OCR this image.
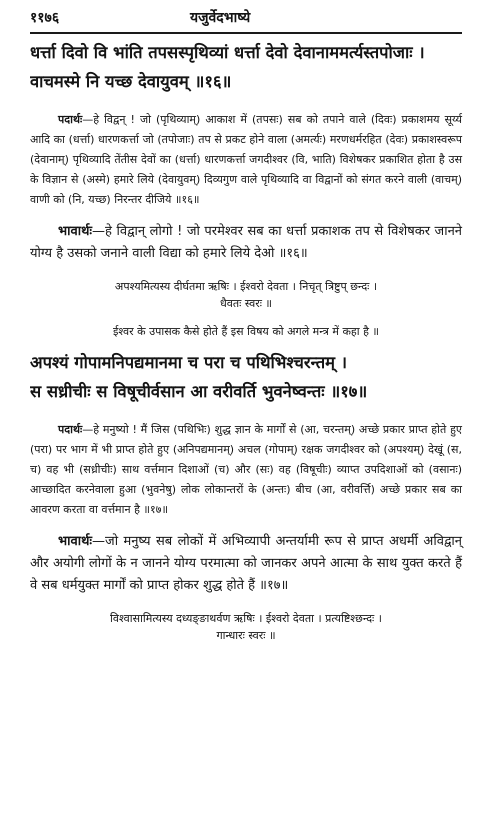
११७६	यजुर्वेदभाष्ये
धर्त्ता दिवो वि भांति तपसस्पृथिव्यां धर्त्ता देवो देवानाममर्त्यस्तपोजाः ।
वाचमस्मे नि यच्छ देवायुवम् ॥१६॥

पदार्थः—हे विद्वन् ! जो (पृथिव्याम्) आकाश में (तपसः) सब को तपाने वाले (दिवः) प्रकाशमय सूर्य्य आदि का (धर्त्ता) धारणकर्त्ता जो (तपोजाः) तप से प्रकट होने वाला (अमर्त्यः) मरणधर्मरहित (देवः) प्रकाशस्वरूप (देवानाम्) पृथिव्यादि तेंतीस देवों का (धर्त्ता) धारणकर्त्ता जगदीश्वर (वि, भाति) विशेषकर प्रकाशित होता है उस के विज्ञान से (अस्मे) हमारे लिये (देवायुवम्) दिव्यगुण वाले पृथिव्यादि वा विद्वानों को संगत करने वाली (वाचम्) वाणी को (नि, यच्छ) निरन्तर दीजिये ॥१६॥

भावार्थः—हे विद्वान् लोगो ! जो परमेश्वर सब का धर्त्ता प्रकाशक तप से विशेषकर जानने योग्य है उसको जनाने वाली विद्या को हमारे लिये देओ ॥१६॥

अपश्यमित्यस्य दीर्घतमा ऋषिः । ईश्वरो देवता । निचृत् त्रिष्टुप् छन्दः ।
धैवतः स्वरः ॥
ईश्वर के उपासक कैसे होते हैं इस विषय को अगले मन्त्र में कहा है ॥
अपश्यं गोपामनिपद्यमानमा च परा च पथिभिश्चरन्तम् ।
स सध्रीचीः स विषूचीर्वसान आ वरीवर्ति भुवनेष्वन्तः ॥१७॥

पदार्थः—हे मनुष्यो ! मैं जिस (पथिभिः) शुद्ध ज्ञान के मार्गों से (आ, चरन्तम्) अच्छे प्रकार प्राप्त होते हुए (परा) पर भाग में भी प्राप्त होते हुए (अनिपद्यमानम्) अचल (गोपाम्) रक्षक जगदीश्वर को (अपश्यम्) देखूं (स, च) वह भी (सध्रीचीः) साथ वर्त्तमान दिशाओं (च) और (सः) वह (विषूचीः) व्याप्त उपदिशाओं को (वसानः) आच्छादित करनेवाला हुआ (भुवनेषु) लोक लोकान्तरों के (अन्तः) बीच (आ, वरीवर्त्ति) अच्छे प्रकार सब का आवरण करता वा वर्त्तमान है ॥१७॥

भावार्थः—जो मनुष्य सब लोकों में अभिव्यापी अन्तर्यामी रूप से प्राप्त अधर्मी अविद्वान् और अयोगी लोगों के न जानने योग्य परमात्मा को जानकर अपने आत्मा के साथ युक्त करते हैं वे सब धर्मयुक्त मार्गों को प्राप्त होकर शुद्ध होते हैं ॥१७॥

विश्वासामित्यस्य दध्यङ्ङाथर्वण ऋषिः । ईश्वरो देवता । प्रत्यष्टिश्छन्दः ।
गान्धारः स्वरः ॥
